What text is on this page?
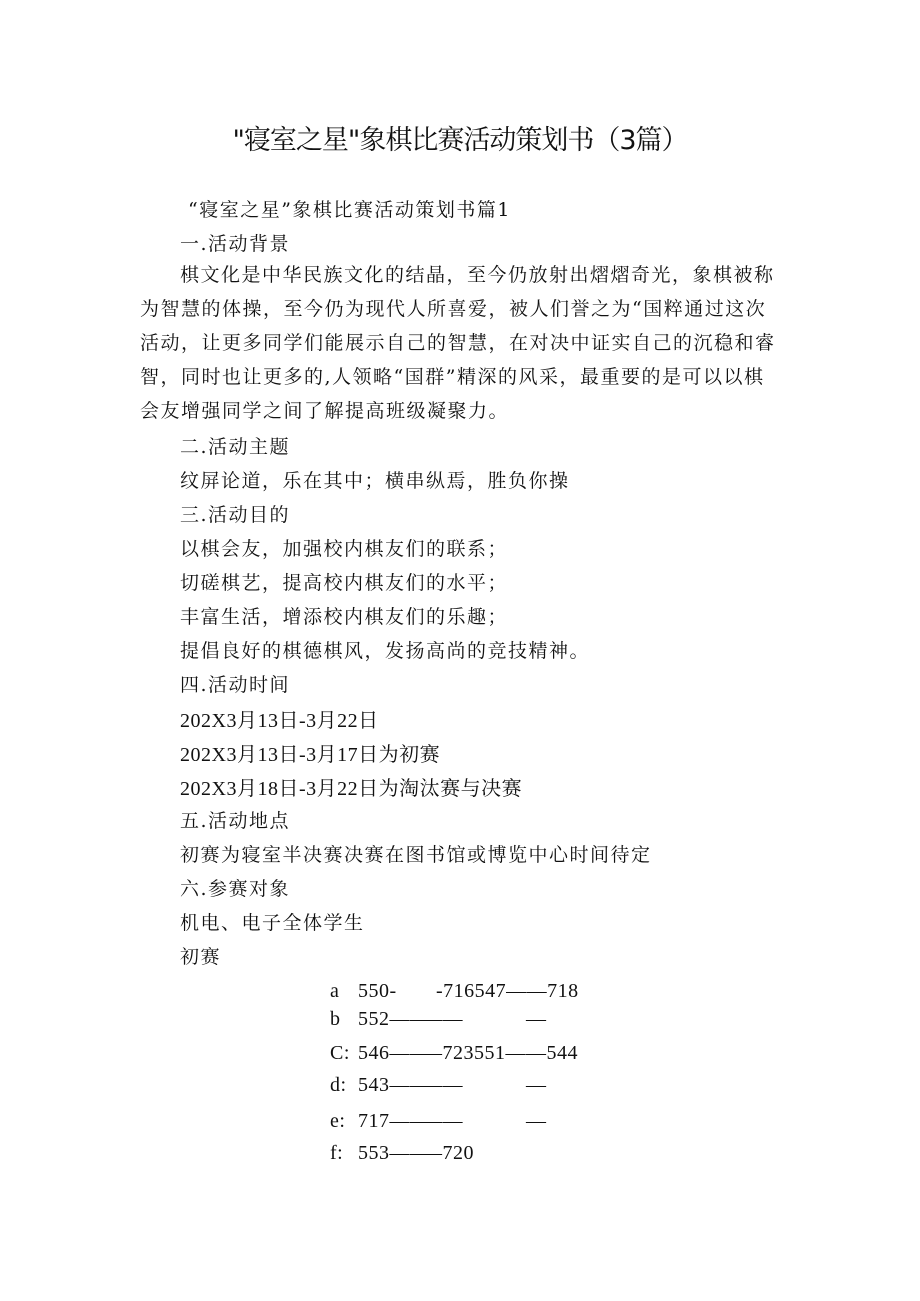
"寝室之星"象棋比赛活动策划书（3篇）
“寝室之星”象棋比赛活动策划书篇1
一.活动背景
棋文化是中华民族文化的结晶，至今仍放射出熠熠奇光，象棋被称为智慧的体操，至今仍为现代人所喜爱，被人们誉之为“国粹通过这次活动，让更多同学们能展示自己的智慧，在对决中证实自己的沉稳和睿智，同时也让更多的,人领略“国群”精深的风采，最重要的是可以以棋会友增强同学之间了解提高班级凝聚力。
二.活动主题
纹屏论道，乐在其中；横串纵焉，胜负你操
三.活动目的
以棋会友，加强校内棋友们的联系；
切磋棋艺，提高校内棋友们的水平；
丰富生活，增添校内棋友们的乐趣；
提倡良好的棋德棋风，发扬高尚的竞技精神。
四.活动时间
202X3月13日-3月22日
202X3月13日-3月17日为初赛
202X3月18日-3月22日为淘汰赛与决赛
五.活动地点
初赛为寝室半决赛决赛在图书馆或博览中心时间待定
六.参赛对象
机电、电子全体学生
初赛
a 550- -716547——718
b 552————	—
C: 546———723551——544
d: 543————	—
e: 717————	—
f: 553———720
